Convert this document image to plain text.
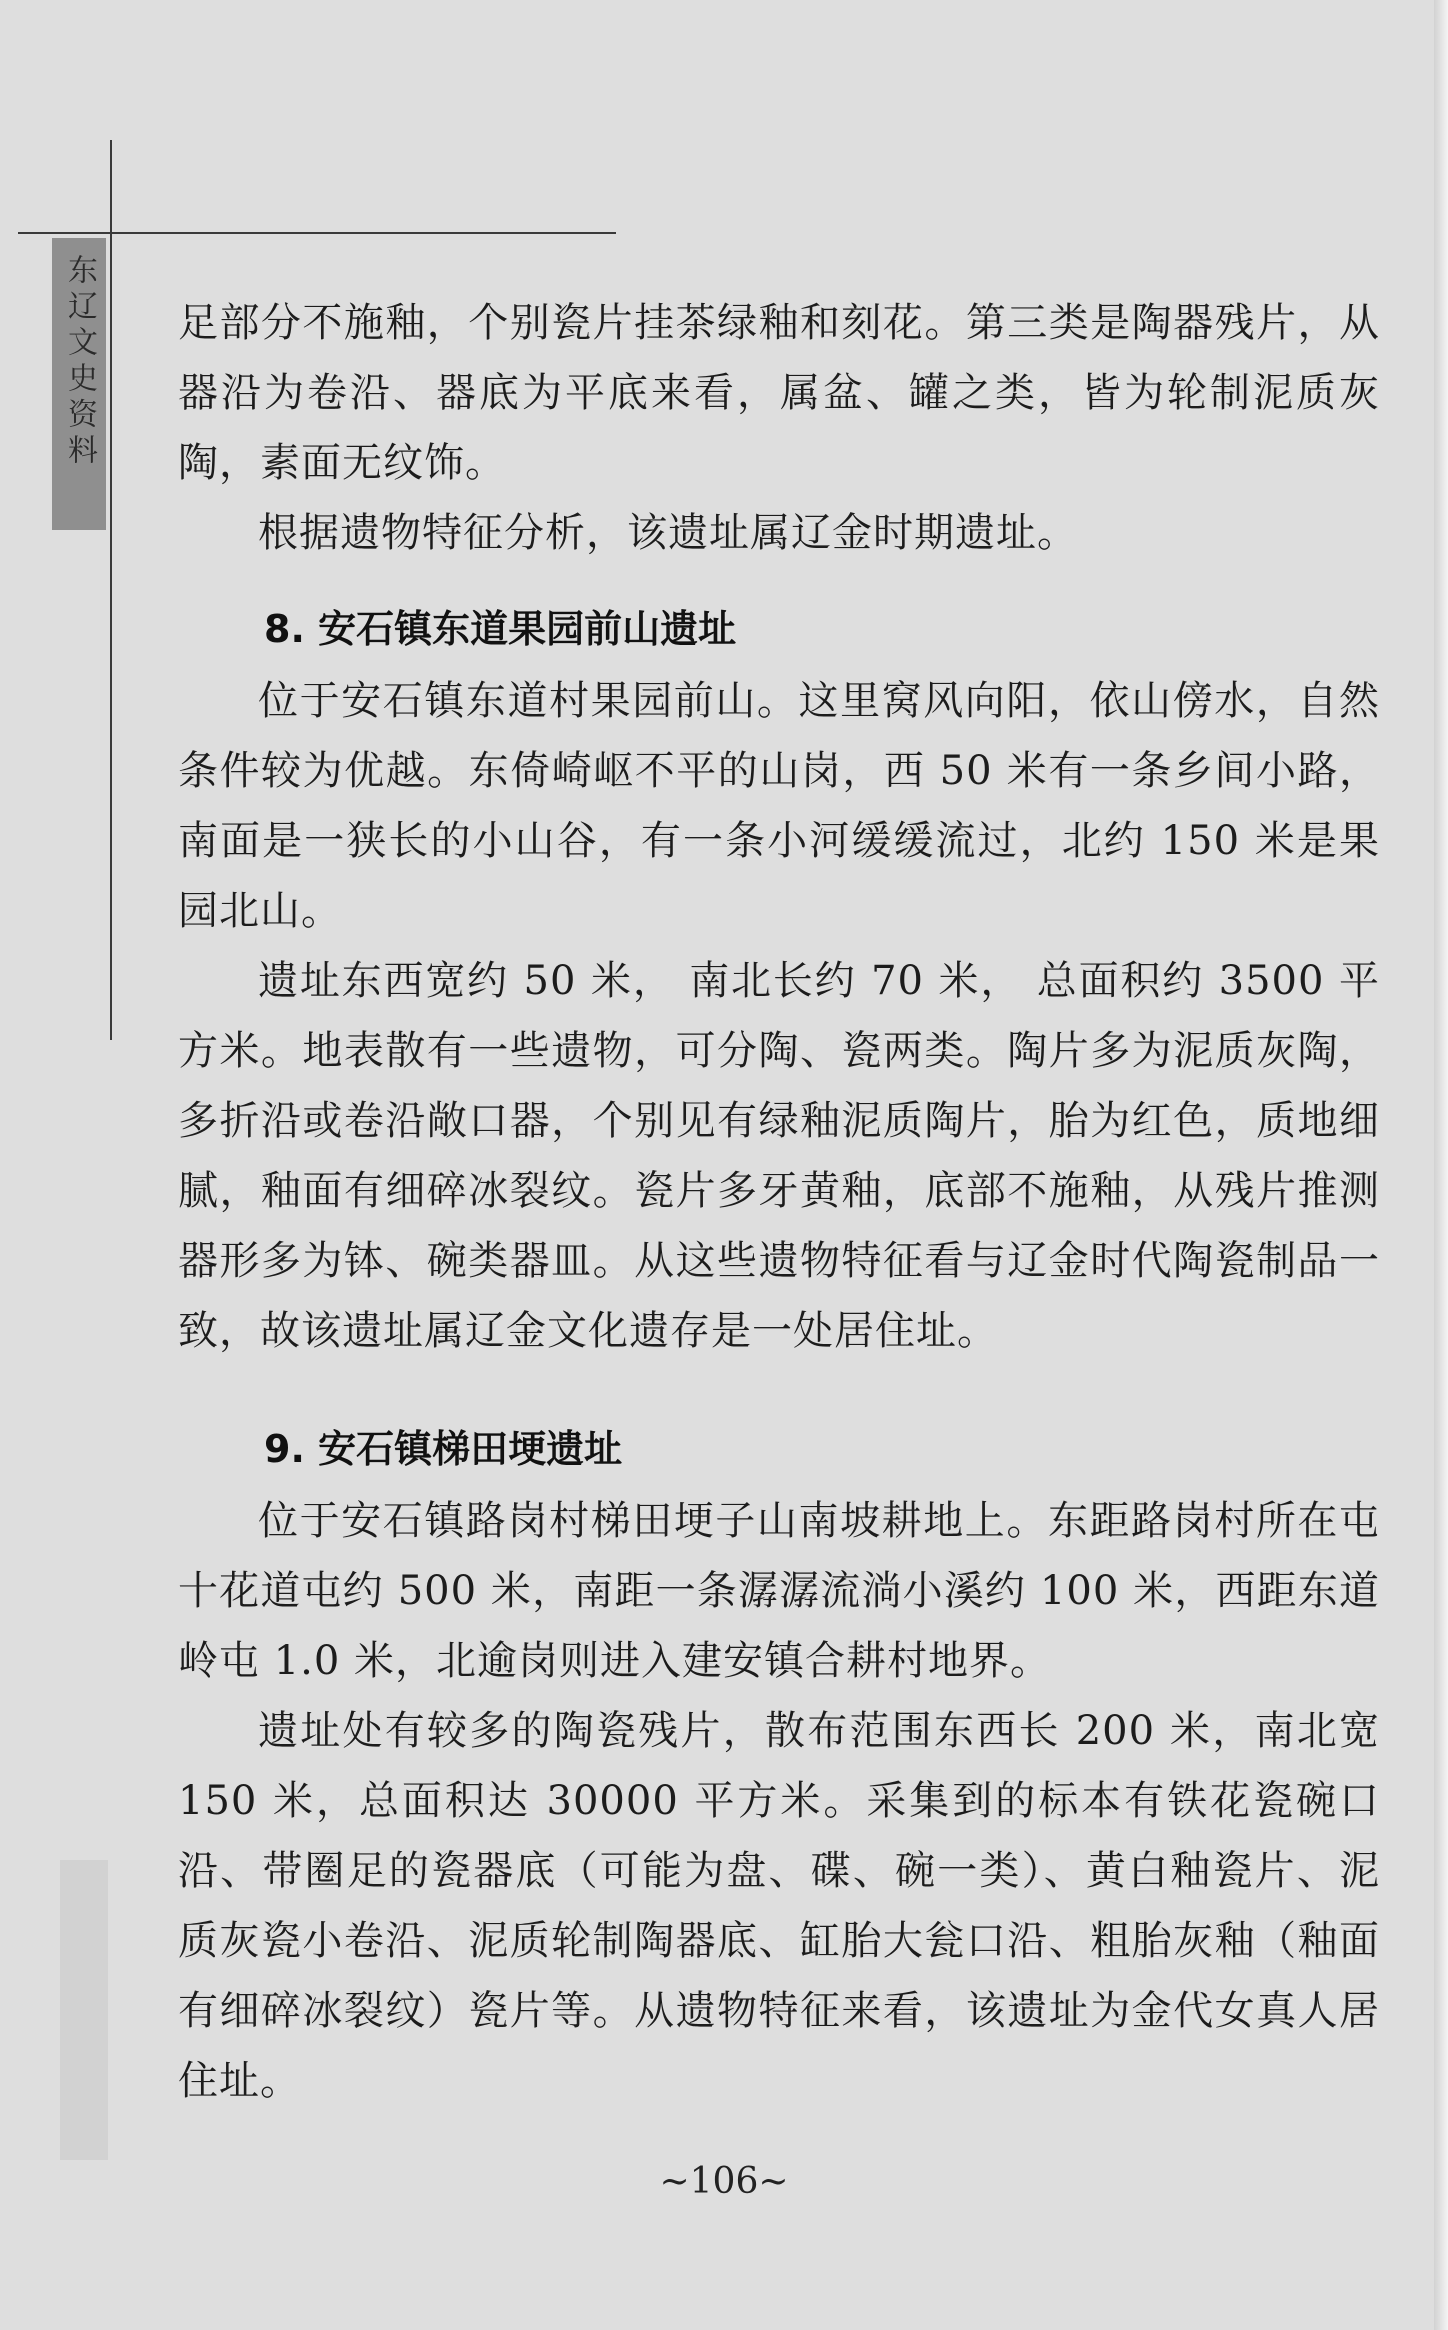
东辽文史资料 足部分不施釉，个别瓷片挂茶绿釉和刻花。第三类是陶器残片，从器沿为卷沿、器底为平底来看，属盆、罐之类，皆为轮制泥质灰陶，素面无纹饰。

根据遗物特征分析，该遗址属辽金时期遗址。

8. 安石镇东道果园前山遗址

位于安石镇东道村果园前山。这里窝风向阳，依山傍水，自然条件较为优越。东倚崎岖不平的山岗，西 50 米有一条乡间小路，南面是一狭长的小山谷，有一条小河缓缓流过，北约 150 米是果园北山。

遗址东西宽约 50 米， 南北长约 70 米， 总面积约 3500 平方米。地表散有一些遗物，可分陶、瓷两类。陶片多为泥质灰陶，多折沿或卷沿敞口器，个别见有绿釉泥质陶片，胎为红色，质地细腻，釉面有细碎冰裂纹。瓷片多牙黄釉，底部不施釉，从残片推测器形多为钵、碗类器皿。从这些遗物特征看与辽金时代陶瓷制品一致，故该遗址属辽金文化遗存是一处居住址。

9. 安石镇梯田埂遗址

位于安石镇路岗村梯田埂子山南坡耕地上。东距路岗村所在屯十花道屯约 500 米，南距一条潺潺流淌小溪约 100 米，西距东道岭屯 1.0 米，北逾岗则进入建安镇合耕村地界。

遗址处有较多的陶瓷残片，散布范围东西长 200 米，南北宽 150 米，总面积达 30000 平方米。采集到的标本有铁花瓷碗口沿、带圈足的瓷器底（可能为盘、碟、碗一类）、黄白釉瓷片、泥质灰瓷小卷沿、泥质轮制陶器底、缸胎大瓮口沿、粗胎灰釉（釉面有细碎冰裂纹）瓷片等。从遗物特征来看，该遗址为金代女真人居住址。

~106~
